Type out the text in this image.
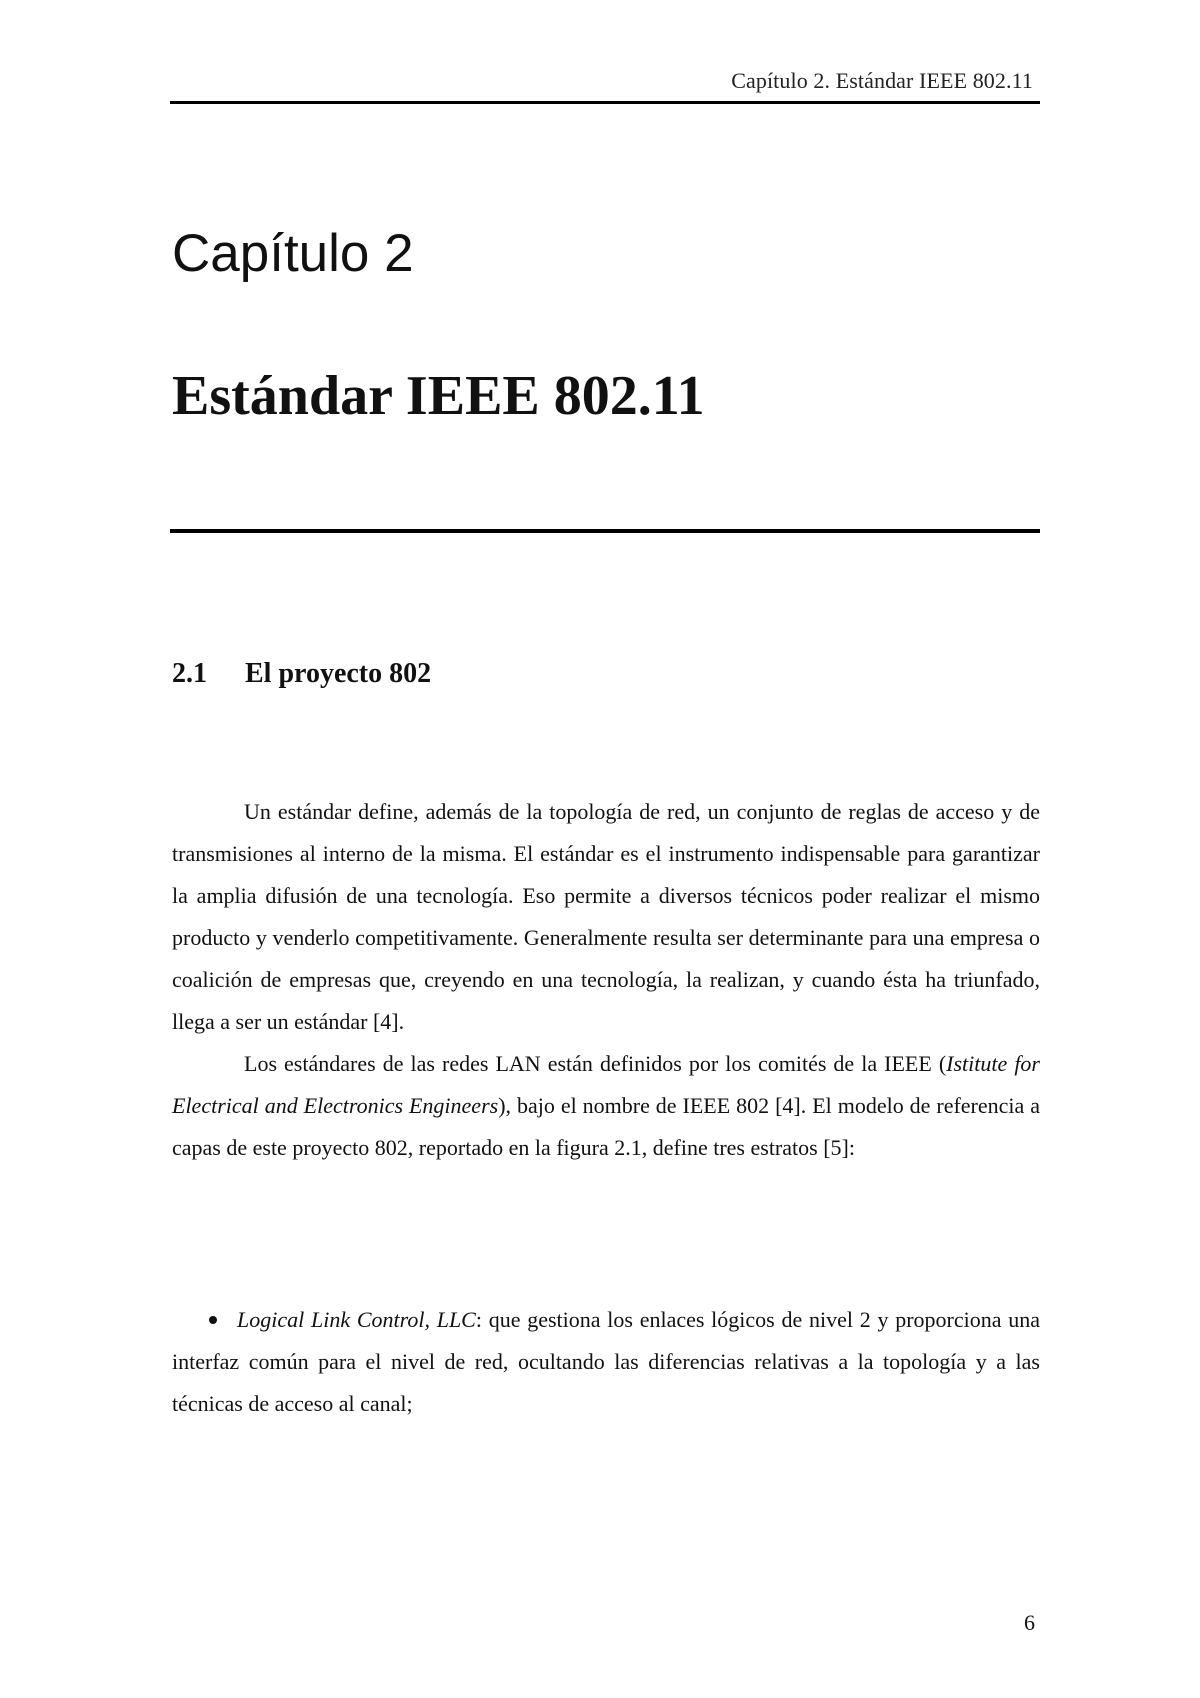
Capítulo 2. Estándar IEEE 802.11
Capítulo 2
Estándar IEEE 802.11
2.1 El proyecto 802

Un estándar define, además de la topología de red, un conjunto de reglas de acceso y de transmisiones al interno de la misma. El estándar es el instrumento indispensable para garantizar la amplia difusión de una tecnología. Eso permite a diversos técnicos poder realizar el mismo producto y venderlo competitivamente. Generalmente resulta ser determinante para una empresa o coalición de empresas que, creyendo en una tecnología, la realizan, y cuando ésta ha triunfado, llega a ser un estándar [4].

Los estándares de las redes LAN están definidos por los comités de la IEEE (Istitute for Electrical and Electronics Engineers), bajo el nombre de IEEE 802 [4]. El modelo de referencia a capas de este proyecto 802, reportado en la figura 2.1, define tres estratos [5]:

Logical Link Control, LLC: que gestiona los enlaces lógicos de nivel 2 y proporciona una interfaz común para el nivel de red, ocultando las diferencias relativas a la topología y a las técnicas de acceso al canal;

6
